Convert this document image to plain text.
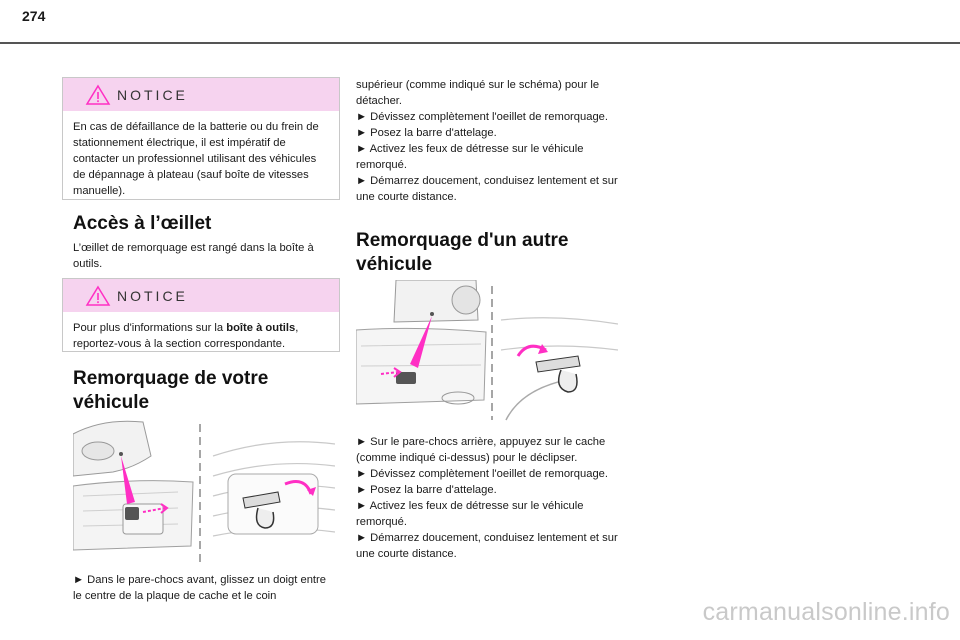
274
NOTICE
En cas de défaillance de la batterie ou du frein de stationnement électrique, il est impératif de contacter un professionnel utilisant des véhicules de dépannage à plateau (sauf boîte de vitesses manuelle).
Accès à l’œillet

L’œillet de remorquage est rangé dans la boîte à outils.

NOTICE
Pour plus d'informations sur la boîte à outils, reportez-vous à la section correspondante.
Remorquage de votre véhicule

► Dans le pare-chocs avant, glissez un doigt entre le centre de la plaque de cache et le coin

supérieur (comme indiqué sur le schéma) pour le détacher.
► Dévissez complètement l'oeillet de remorquage.
► Posez la barre d'attelage.
► Activez les feux de détresse sur le véhicule remorqué.
► Démarrez doucement, conduisez lentement et sur une courte distance.
Remorquage d'un autre véhicule
► Sur le pare-chocs arrière, appuyez sur le cache (comme indiqué ci-dessus) pour le déclipser.
► Dévissez complètement l'oeillet de remorquage.
► Posez la barre d'attelage.
► Activez les feux de détresse sur le véhicule remorqué.
► Démarrez doucement, conduisez lentement et sur une courte distance.
carmanualsonline.info
